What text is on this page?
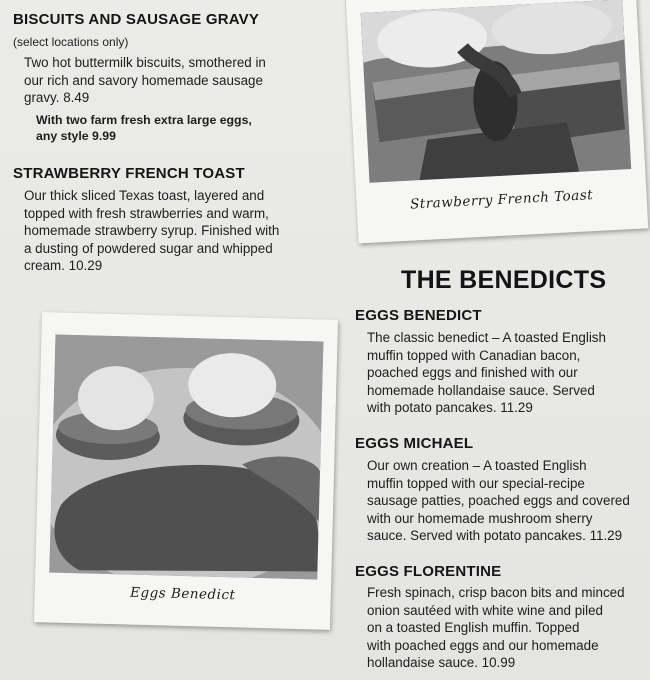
BISCUITS AND SAUSAGE GRAVY
(select locations only)
Two hot buttermilk biscuits, smothered in
our rich and savory homemade sausage
gravy. 8.49
With two farm fresh extra large eggs,
any style 9.99
STRAWBERRY FRENCH TOAST
Our thick sliced Texas toast, layered and
topped with fresh strawberries and warm,
homemade strawberry syrup. Finished with
a dusting of powdered sugar and whipped
cream. 10.29
Strawberry French Toast
THE BENEDICTS
Eggs Benedict
EGGS BENEDICT
The classic benedict – A toasted English
muffin topped with Canadian bacon,
poached eggs and finished with our
homemade hollandaise sauce. Served
with potato pancakes. 11.29
EGGS MICHAEL
Our own creation – A toasted English
muffin topped with our special-recipe
sausage patties, poached eggs and covered
with our homemade mushroom sherry
sauce. Served with potato pancakes. 11.29
EGGS FLORENTINE
Fresh spinach, crisp bacon bits and minced
onion sautéed with white wine and piled
on a toasted English muffin. Topped
with poached eggs and our homemade
hollandaise sauce. 10.99
